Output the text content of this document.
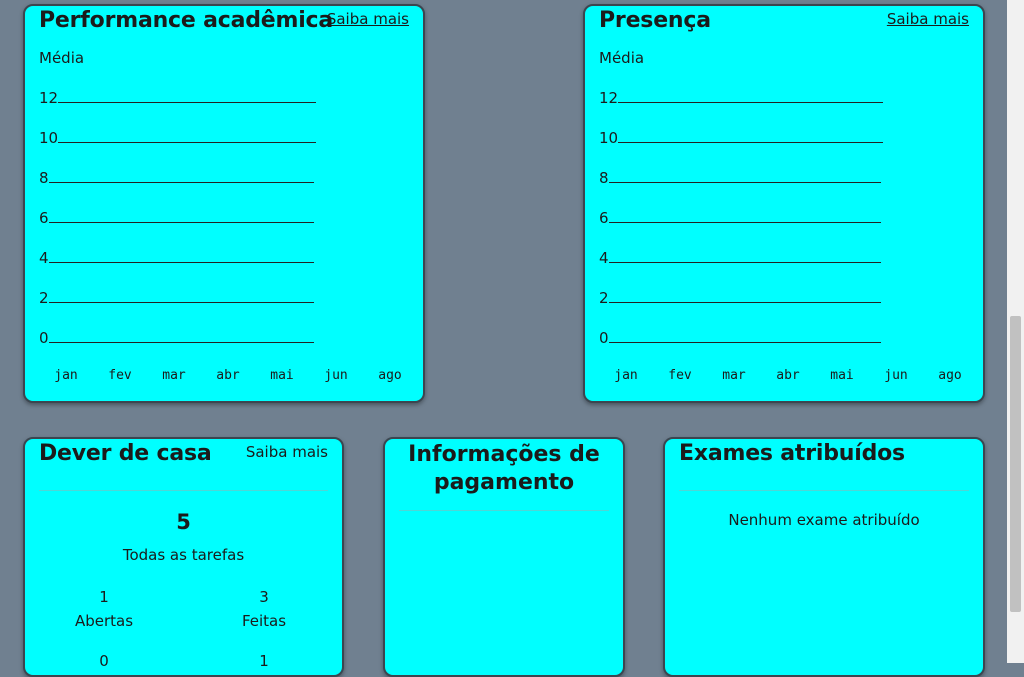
Performance acadêmica
Saiba mais
Média
12
10
8
6
4
2
0
jan	fev	mar	abr	mai	jun	ago
Presença	Saiba mais
Média
12
10
8
6
4
2
0
jan	fev	mar	abr	mai	jun	ago
Dever de casa Saiba mais
5
Todas as tarefas
1
Abertas
3
Feitas
0	1
Informações de
pagamento
Exames atribuídos
Nenhum exame atribuído
